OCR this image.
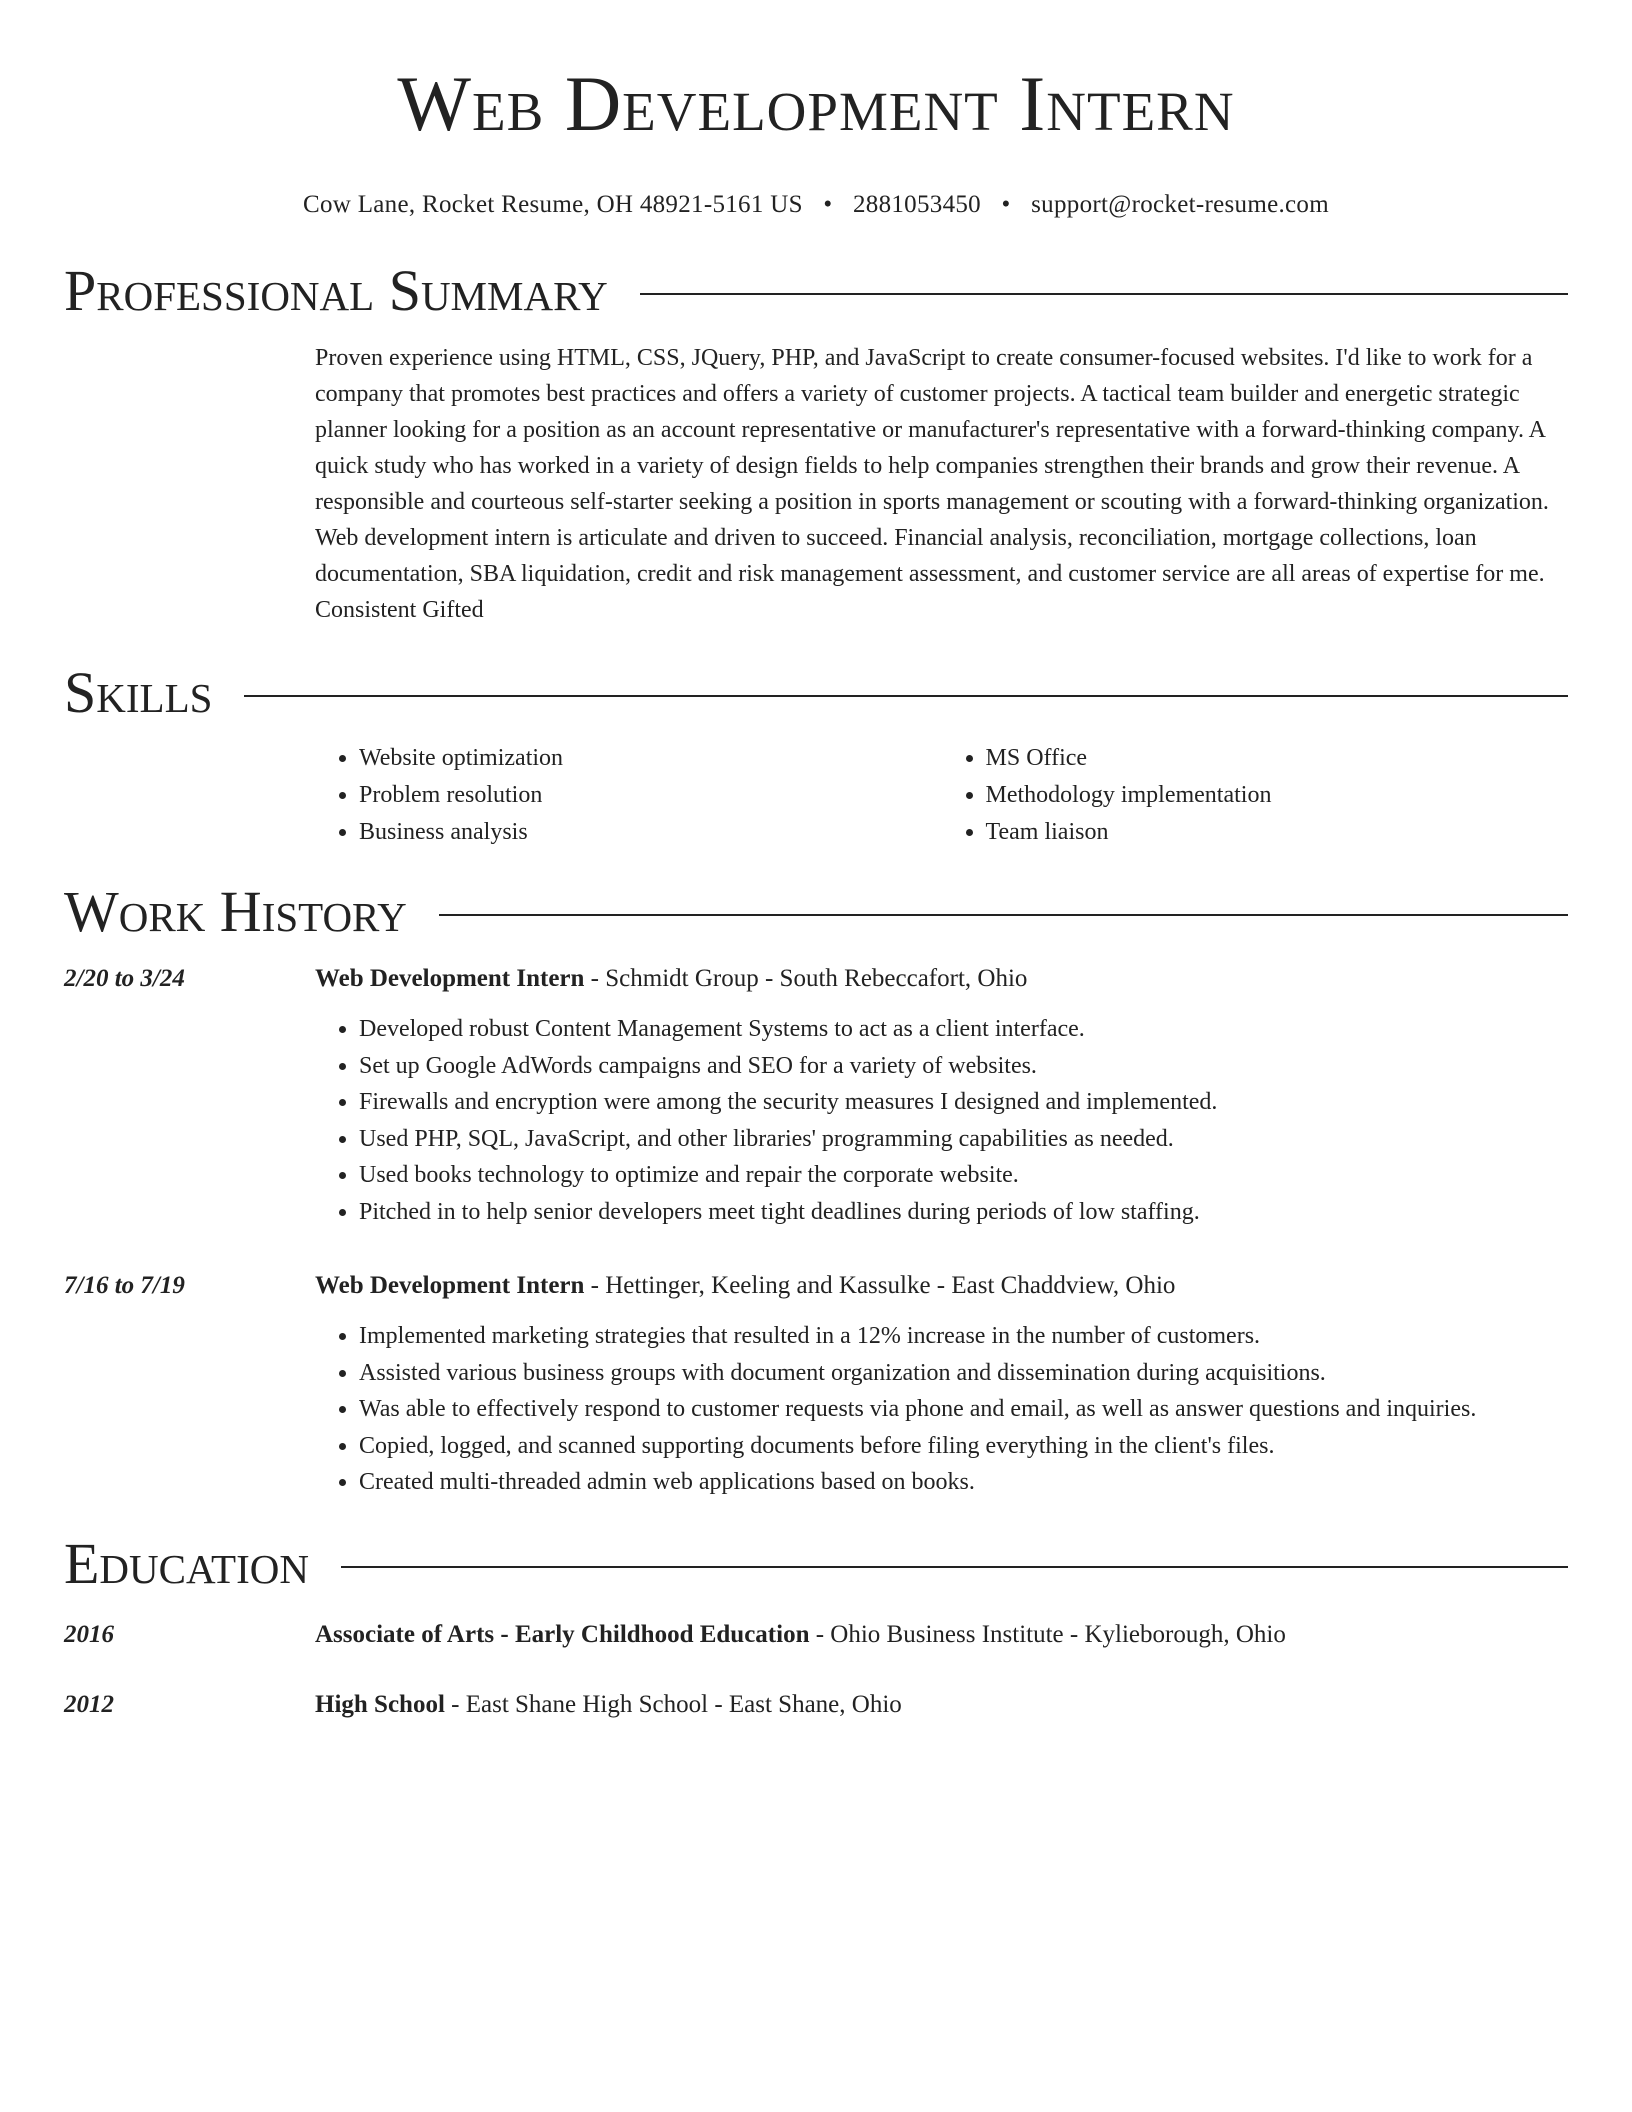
Web Development Intern
Cow Lane, Rocket Resume, OH 48921-5161 US • 2881053450 • support@rocket-resume.com
Professional Summary
Proven experience using HTML, CSS, JQuery, PHP, and JavaScript to create consumer-focused websites. I'd like to work for a company that promotes best practices and offers a variety of customer projects. A tactical team builder and energetic strategic planner looking for a position as an account representative or manufacturer's representative with a forward-thinking company. A quick study who has worked in a variety of design fields to help companies strengthen their brands and grow their revenue. A responsible and courteous self-starter seeking a position in sports management or scouting with a forward-thinking organization. Web development intern is articulate and driven to succeed. Financial analysis, reconciliation, mortgage collections, loan documentation, SBA liquidation, credit and risk management assessment, and customer service are all areas of expertise for me. Consistent Gifted
Skills
• Website optimization
• Problem resolution
• Business analysis
• MS Office
• Methodology implementation
• Team liaison
Work History
2/20 to 3/24	Web Development Intern - Schmidt Group - South Rebeccafort, Ohio
• Developed robust Content Management Systems to act as a client interface.
• Set up Google AdWords campaigns and SEO for a variety of websites.
• Firewalls and encryption were among the security measures I designed and implemented.
• Used PHP, SQL, JavaScript, and other libraries' programming capabilities as needed.
• Used books technology to optimize and repair the corporate website.
• Pitched in to help senior developers meet tight deadlines during periods of low staffing.
7/16 to 7/19	Web Development Intern - Hettinger, Keeling and Kassulke - East Chaddview, Ohio
• Implemented marketing strategies that resulted in a 12% increase in the number of customers.
• Assisted various business groups with document organization and dissemination during acquisitions.
• Was able to effectively respond to customer requests via phone and email, as well as answer questions and inquiries.
• Copied, logged, and scanned supporting documents before filing everything in the client's files.
• Created multi-threaded admin web applications based on books.
Education
2016	Associate of Arts - Early Childhood Education - Ohio Business Institute - Kylieborough, Ohio
2012	High School - East Shane High School - East Shane, Ohio
